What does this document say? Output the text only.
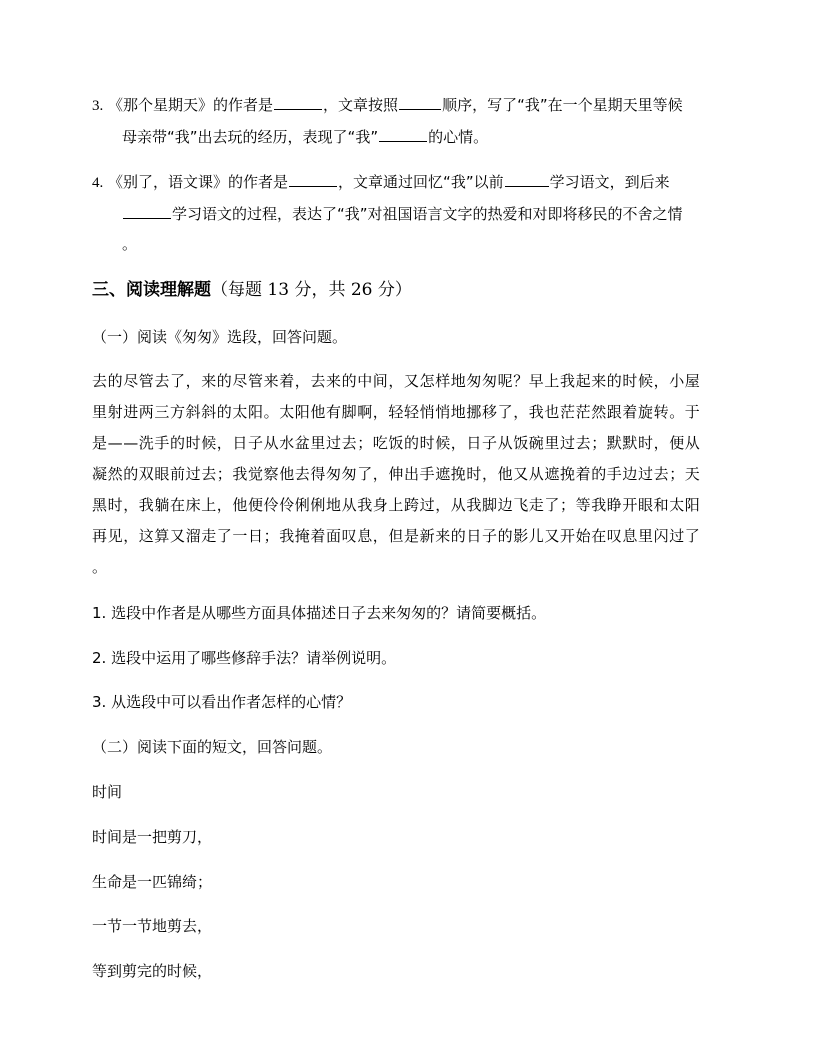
3. 《那个星期天》的作者是	，文章按照	顺序，写了“我”在一个星期天里等候
母亲带“我”出去玩的经历，表现了“我”	的心情。
4. 《别了，语文课》的作者是	，文章通过回忆“我”以前	学习语文，到后来
学习语文的过程，表达了“我”对祖国语言文字的热爱和对即将移民的不舍之情
。
三、阅读理解题（每题 13 分，共 26 分）
（一）阅读《匆匆》选段，回答问题。
去的尽管去了，来的尽管来着，去来的中间，又怎样地匆匆呢？早上我起来的时候，小屋
里射进两三方斜斜的太阳。太阳他有脚啊，轻轻悄悄地挪移了，我也茫茫然跟着旋转。于
是——洗手的时候，日子从水盆里过去；吃饭的时候，日子从饭碗里过去；默默时，便从
凝然的双眼前过去；我觉察他去得匆匆了，伸出手遮挽时，他又从遮挽着的手边过去；天
黑时，我躺在床上，他便伶伶俐俐地从我身上跨过，从我脚边飞走了；等我睁开眼和太阳
再见，这算又溜走了一日；我掩着面叹息，但是新来的日子的影儿又开始在叹息里闪过了
。
1. 选段中作者是从哪些方面具体描述日子去来匆匆的？请简要概括。
2. 选段中运用了哪些修辞手法？请举例说明。
3. 从选段中可以看出作者怎样的心情？
（二）阅读下面的短文，回答问题。
时间
时间是一把剪刀，
生命是一匹锦绮；
一节一节地剪去，
等到剪完的时候，
